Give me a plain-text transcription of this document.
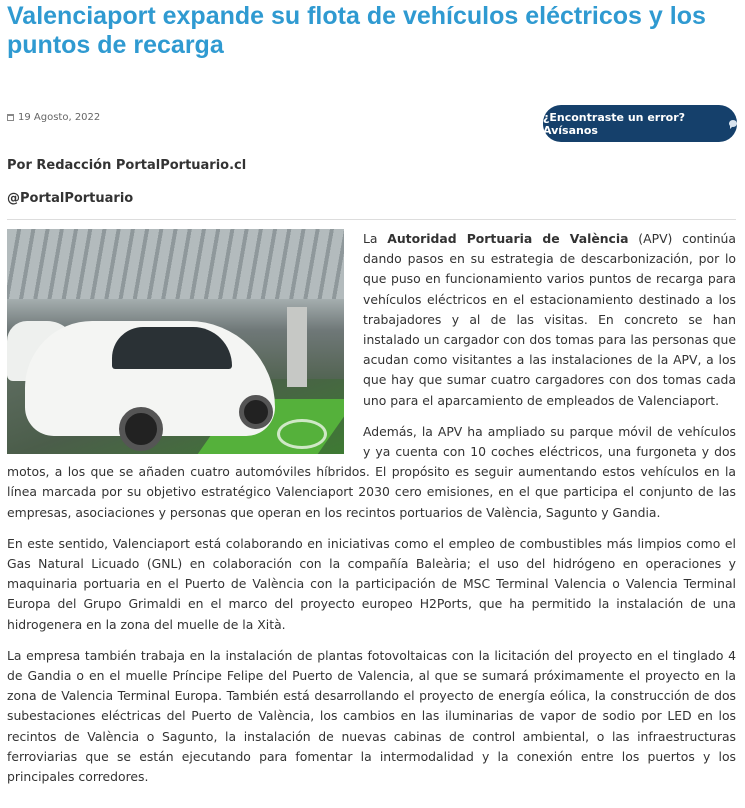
Valenciaport expande su flota de vehículos eléctricos y los puntos de recarga
19 Agosto, 2022	¿Encontraste un error? Avísanos
Por Redacción PortalPortuario.cl
@PortalPortuario

La Autoridad Portuaria de València (APV) continúa dando pasos en su estrategia de descarbonización, por lo que puso en funcionamiento varios puntos de recarga para vehículos eléctricos en el estacionamiento destinado a los trabajadores y al de las visitas. En concreto se han instalado un cargador con dos tomas para las personas que acudan como visitantes a las instalaciones de la APV, a los que hay que sumar cuatro cargadores con dos tomas cada uno para el aparcamiento de empleados de Valenciaport.

Además, la APV ha ampliado su parque móvil de vehículos y ya cuenta con 10 coches eléctricos, una furgoneta y dos motos, a los que se añaden cuatro automóviles híbridos. El propósito es seguir aumentando estos vehículos en la línea marcada por su objetivo estratégico Valenciaport 2030 cero emisiones, en el que participa el conjunto de las empresas, asociaciones y personas que operan en los recintos portuarios de València, Sagunto y Gandia.

En este sentido, Valenciaport está colaborando en iniciativas como el empleo de combustibles más limpios como el Gas Natural Licuado (GNL) en colaboración con la compañía Baleària; el uso del hidrógeno en operaciones y maquinaria portuaria en el Puerto de València con la participación de MSC Terminal Valencia o Valencia Terminal Europa del Grupo Grimaldi en el marco del proyecto europeo H2Ports, que ha permitido la instalación de una hidrogenera en la zona del muelle de la Xità.

La empresa también trabaja en la instalación de plantas fotovoltaicas con la licitación del proyecto en el tinglado 4 de Gandia o en el muelle Príncipe Felipe del Puerto de Valencia, al que se sumará próximamente el proyecto en la zona de Valencia Terminal Europa. También está desarrollando el proyecto de energía eólica, la construcción de dos subestaciones eléctricas del Puerto de València, los cambios en las iluminarias de vapor de sodio por LED en los recintos de València o Sagunto, la instalación de nuevas cabinas de control ambiental, o las infraestructuras ferroviarias que se están ejecutando para fomentar la intermodalidad y la conexión entre los puertos y los principales corredores.
